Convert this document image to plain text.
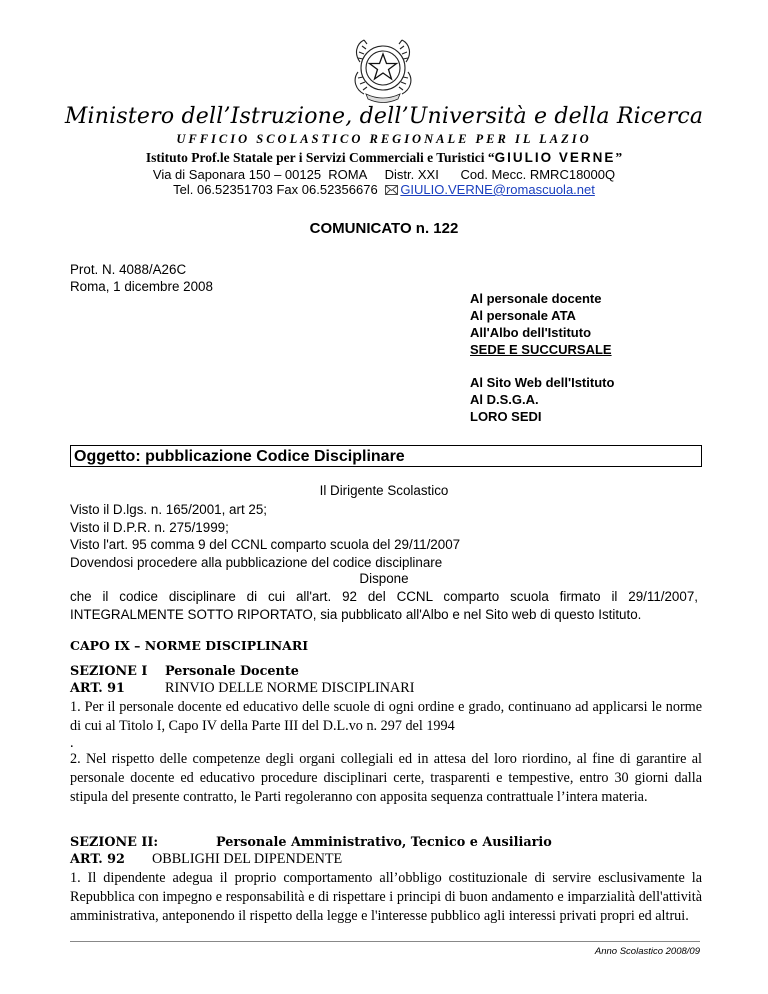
Ministero dell’Istruzione, dell’Università e della Ricerca
UFFICIO SCOLASTICO REGIONALE PER IL LAZIO
Istituto Prof.le Statale per i Servizi Commerciali e Turistici “GIULIO VERNE”
Via di Saponara 150 – 00125  ROMA     Distr. XXI      Cod. Mecc. RMRC18000Q
Tel. 06.52351703 Fax 06.52356676 GIULIO.VERNE@romascuola.net
COMUNICATO n. 122
Prot. N. 4088/A26C
Roma, 1 dicembre 2008
Al personale docente
Al personale ATA
All'Albo dell'Istituto
SEDE E SUCCURSALE
Al Sito Web dell'Istituto
Al D.S.G.A.
LORO SEDI
Oggetto: pubblicazione Codice Disciplinare
Il Dirigente Scolastico
Visto il D.lgs. n. 165/2001, art 25;
Visto il D.P.R. n. 275/1999;
Visto l'art. 95 comma 9 del CCNL comparto scuola del 29/11/2007
Dovendosi procedere alla pubblicazione del codice disciplinare
Dispone
che il codice disciplinare di cui all'art. 92 del CCNL comparto scuola firmato il 29/11/2007, INTEGRALMENTE SOTTO RIPORTATO, sia pubblicato all'Albo e nel Sito web di questo Istituto.
CAPO IX – NORME DISCIPLINARI
SEZIONE I Personale Docente
ART. 91	RINVIO DELLE NORME DISCIPLINARI
1. Per il personale docente ed educativo delle scuole di ogni ordine e grado, continuano ad applicarsi le norme di cui al Titolo I, Capo IV della Parte III del D.L.vo n. 297 del 1994
.
2. Nel rispetto delle competenze degli organi collegiali ed in attesa del loro riordino, al fine di garantire al personale docente ed educativo procedure disciplinari certe, trasparenti e tempestive, entro 30 giorni dalla stipula del presente contratto, le Parti regoleranno con apposita sequenza contrattuale l’intera materia.
SEZIONE II:	Personale Amministrativo, Tecnico e Ausiliario
ART. 92 OBBLIGHI DEL DIPENDENTE
1. Il dipendente adegua il proprio comportamento all’obbligo costituzionale di servire esclusivamente la Repubblica con impegno e responsabilità e di rispettare i principi di buon andamento e imparzialità dell'attività amministrativa, anteponendo il rispetto della legge e l'interesse pubblico agli interessi privati propri ed altrui.
Anno Scolastico 2008/09
